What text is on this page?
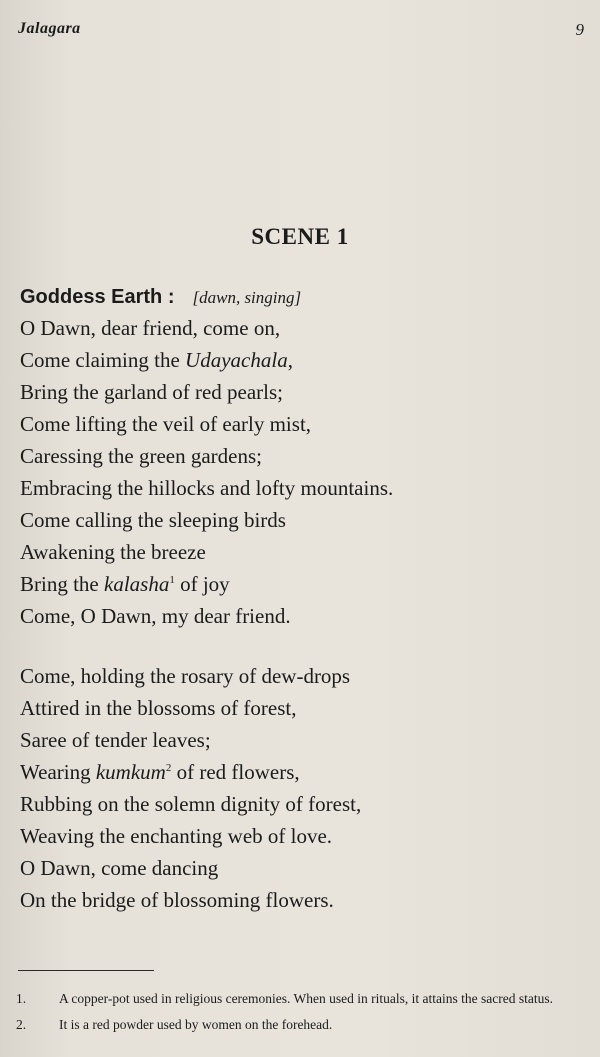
Jalagara	9
SCENE 1
Goddess Earth : [dawn, singing]
O Dawn, dear friend, come on,
Come claiming the Udayachala,
Bring the garland of red pearls;
Come lifting the veil of early mist,
Caressing the green gardens;
Embracing the hillocks and lofty mountains.
Come calling the sleeping birds
Awakening the breeze
Bring the kalasha$^1$ of joy
Come, O Dawn, my dear friend.
Come, holding the rosary of dew-drops
Attired in the blossoms of forest,
Saree of tender leaves;
Wearing kumkum$^2$ of red flowers,
Rubbing on the solemn dignity of forest,
Weaving the enchanting web of love.
O Dawn, come dancing
On the bridge of blossoming flowers.
1. A copper-pot used in religious ceremonies. When used in rituals, it attains the sacred status.
2. It is a red powder used by women on the forehead.
